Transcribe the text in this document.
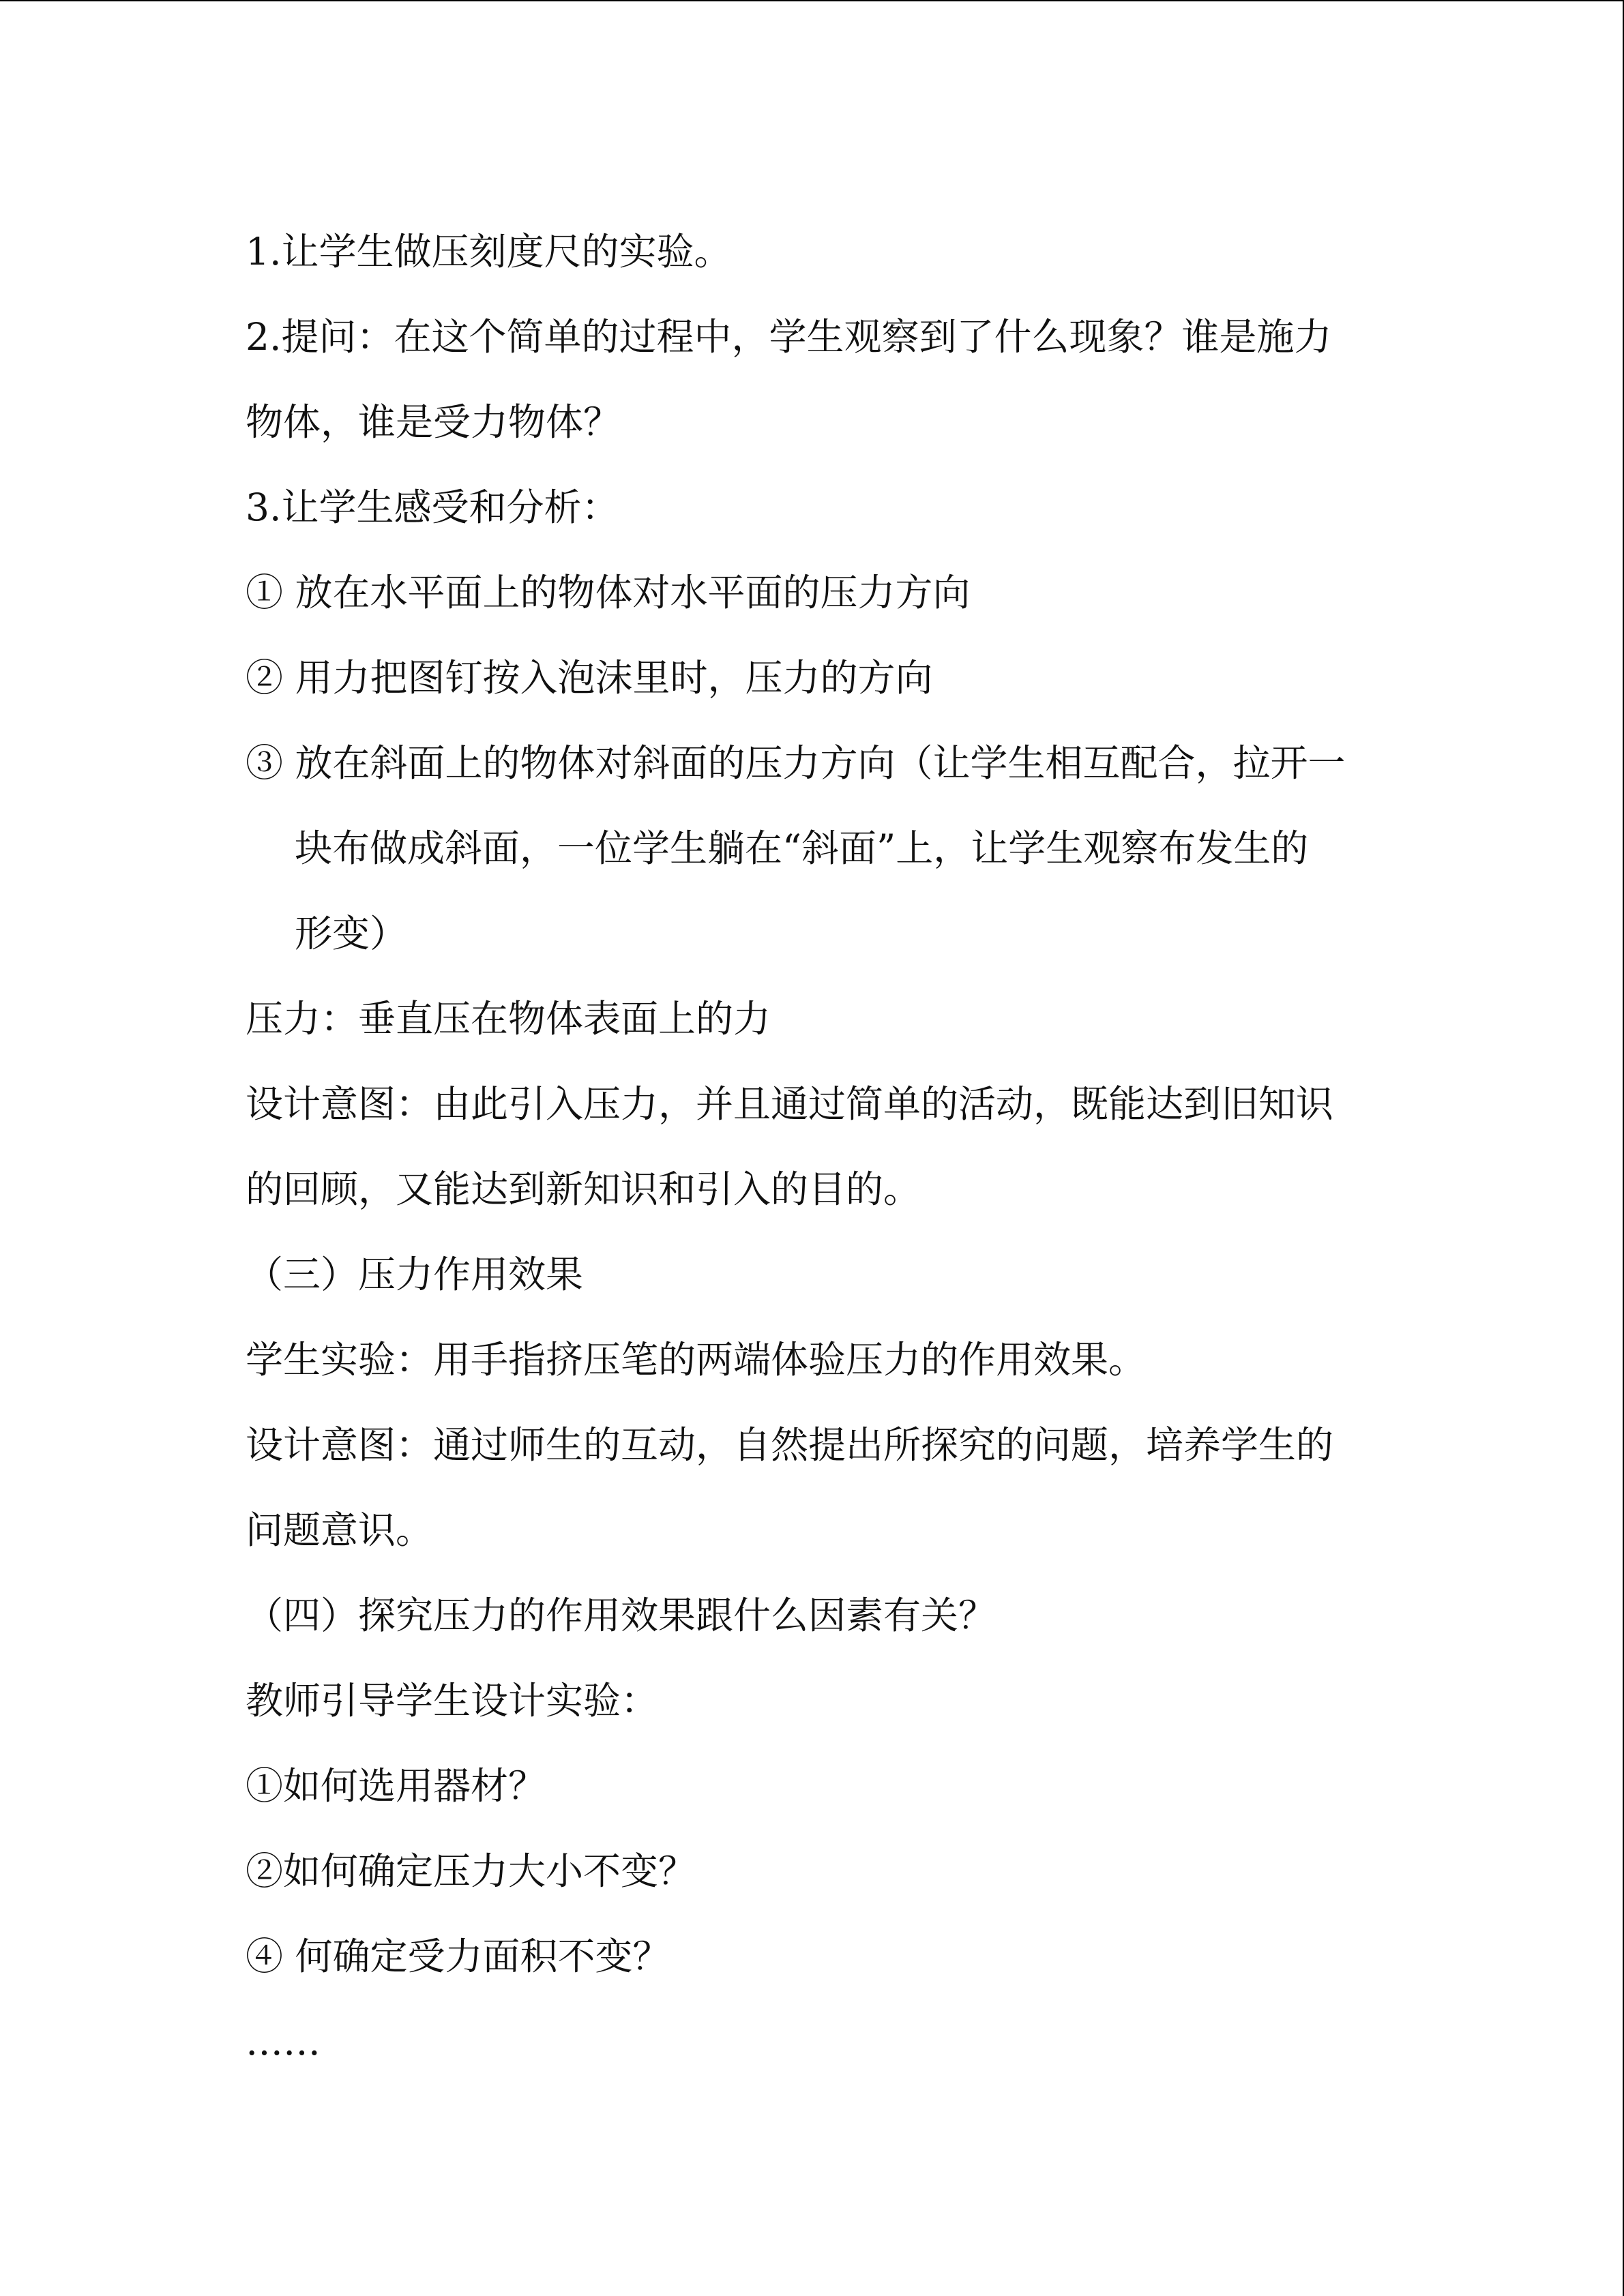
1.让学生做压刻度尺的实验。
2.提问：在这个简单的过程中，学生观察到了什么现象？谁是施力
物体，谁是受力物体？
3.让学生感受和分析：
① 放在水平面上的物体对水平面的压力方向
② 用力把图钉按入泡沫里时，压力的方向
③ 放在斜面上的物体对斜面的压力方向（让学生相互配合，拉开一
块布做成斜面，一位学生躺在“斜面”上，让学生观察布发生的
形变）
压力：垂直压在物体表面上的力
设计意图：由此引入压力，并且通过简单的活动，既能达到旧知识
的回顾，又能达到新知识和引入的目的。
（三）压力作用效果
学生实验：用手指挤压笔的两端体验压力的作用效果。
设计意图：通过师生的互动，自然提出所探究的问题，培养学生的
问题意识。
（四）探究压力的作用效果跟什么因素有关？
教师引导学生设计实验：
①如何选用器材？
②如何确定压力大小不变？
④ 何确定受力面积不变？
……
